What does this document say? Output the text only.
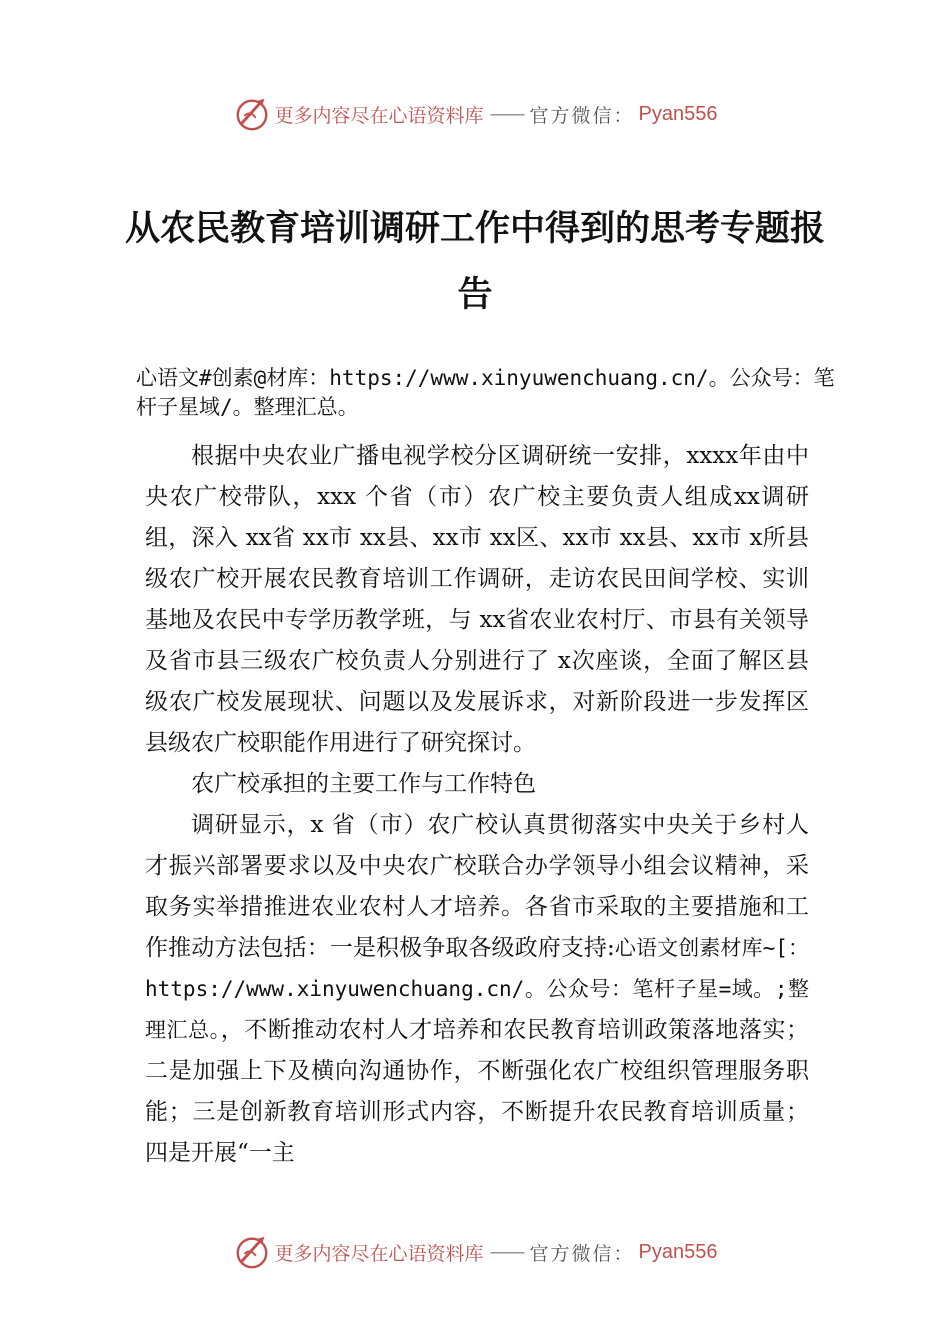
更多内容尽在心语资料库 —— 官方微信： Pyan556
从农民教育培训调研工作中得到的思考专题报告

心语文#创素@材库：https://www.xinyuwenchuang.cn/。公众号：笔杆子星域/。整理汇总。

根据中央农业广播电视学校分区调研统一安排，xxxx年由中央农广校带队，xxx 个省（市）农广校主要负责人组成xx调研组，深入 xx省 xx市 xx县、xx市 xx区、xx市 xx县、xx市 x所县级农广校开展农民教育培训工作调研，走访农民田间学校、实训基地及农民中专学历教学班，与 xx省农业农村厅、市县有关领导及省市县三级农广校负责人分别进行了 x次座谈，全面了解区县级农广校发展现状、问题以及发展诉求，对新阶段进一步发挥区县级农广校职能作用进行了研究探讨。

农广校承担的主要工作与工作特色

调研显示，x 省（市）农广校认真贯彻落实中央关于乡村人才振兴部署要求以及中央农广校联合办学领导小组会议精神，采取务实举措推进农业农村人才培养。各省市采取的主要措施和工作推动方法包括：一是积极争取各级政府支持:心语文创素材库~[：https://www.xinyuwenchuang.cn/。公众号：笔杆子星=域。;整理汇总。，不断推动农村人才培养和农民教育培训政策落地落实； 二是加强上下及横向沟通协作，不断强化农广校组织管理服务职能；三是创新教育培训形式内容，不断提升农民教育培训质量；四是开展“一主

更多内容尽在心语资料库 —— 官方微信： Pyan556
